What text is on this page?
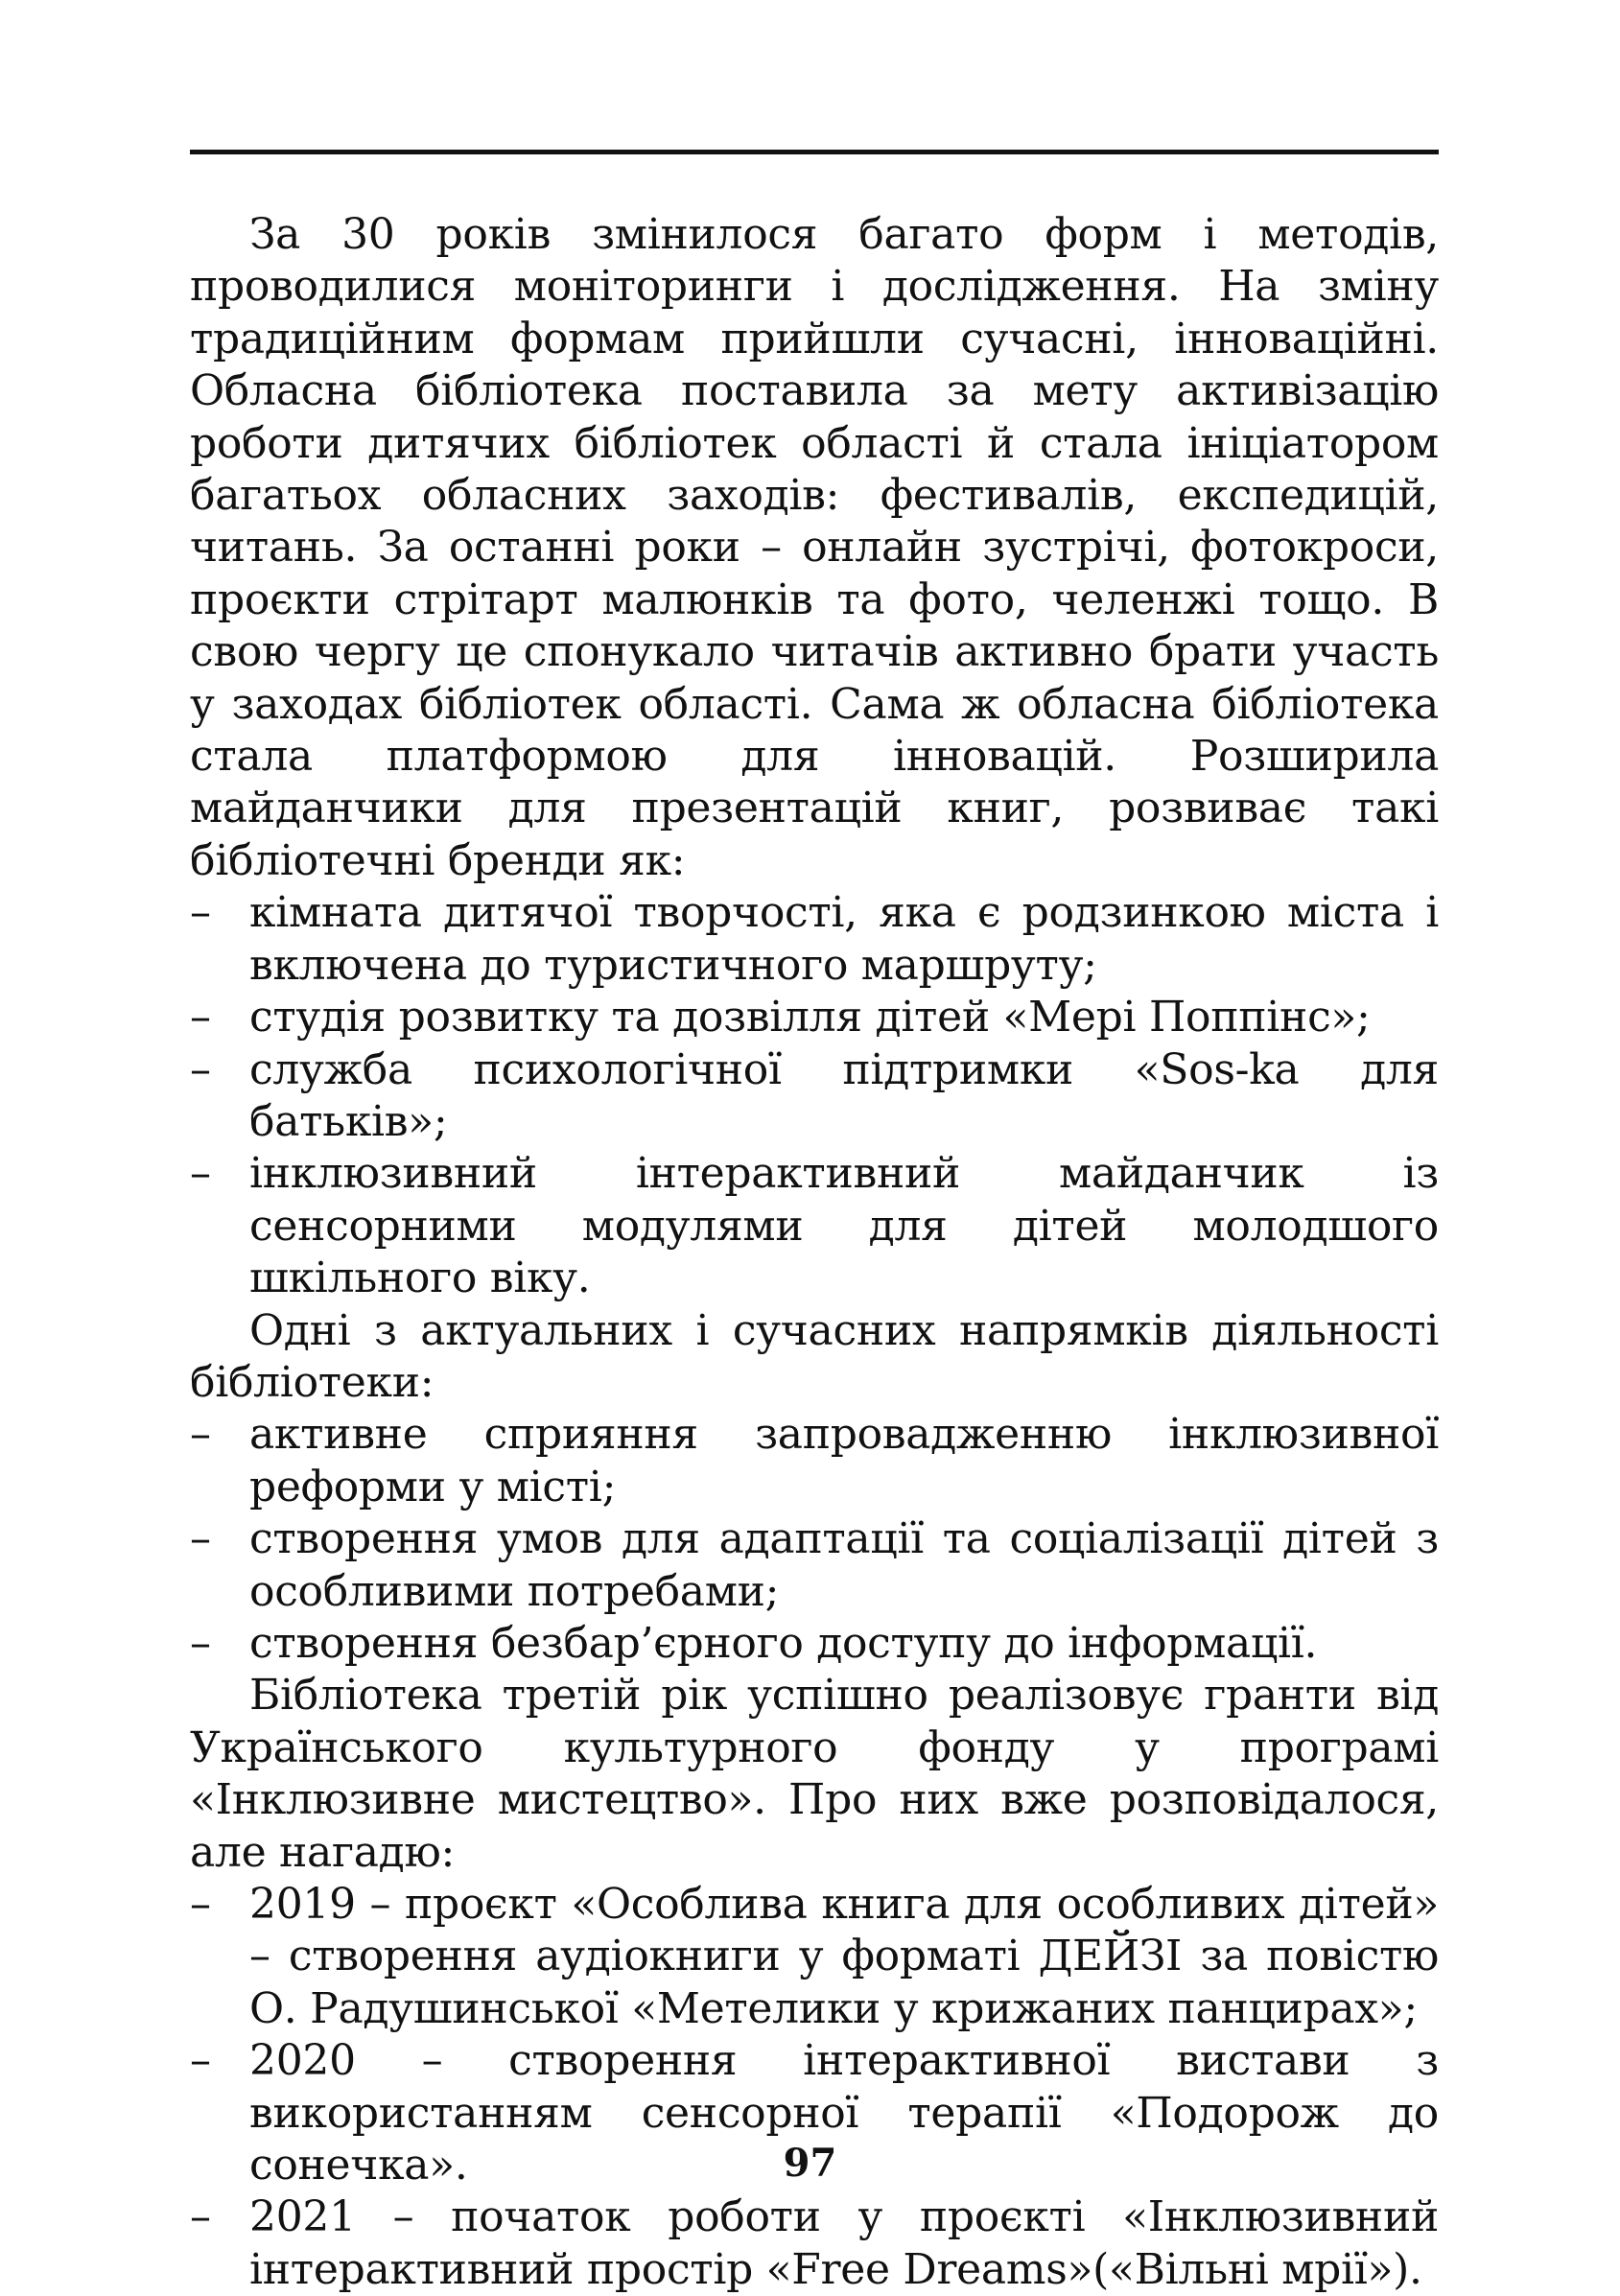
За 30 років змінилося багато форм і методів, проводилися моніторинги і дослідження. На зміну традиційним формам прийшли сучасні, інноваційні. Обласна бібліотека поставила за мету активізацію роботи дитячих бібліотек області й стала ініціатором багатьох обласних заходів: фестивалів, експедицій, читань. За останні роки – онлайн зустрічі, фотокроси, проєкти стрітарт малюнків та фото, челенжі тощо. В свою чергу це спонукало читачів активно брати участь у заходах бібліотек області. Сама ж обласна бібліотека стала платформою для інновацій. Розширила майданчики для презентацій книг, розвиває такі бібліотечні бренди як:

– кімната дитячої творчості, яка є родзинкою міста і включена до туристичного маршруту;
– студія розвитку та дозвілля дітей «Мері Поппінс»;
– служба психологічної підтримки «Sos-ka для батьків»;
– інклюзивний інтерактивний майданчик із сенсорними модулями для дітей молодшого шкільного віку.

Одні з актуальних і сучасних напрямків діяльності бібліотеки:

– активне сприяння запровадженню інклюзивної реформи у місті;
– створення умов для адаптації та соціалізації дітей з особливими потребами;
– створення безбар’єрного доступу до інформації.

Бібліотека третій рік успішно реалізовує гранти від Українського культурного фонду у програмі «Інклюзивне мистецтво». Про них вже розповідалося, але нагадю:

– 2019 – проєкт «Особлива книга для особливих дітей» – створення аудіокниги у форматі ДЕЙЗІ за повістю О. Радушинської «Метелики у крижаних панцирах»;
– 2020 – створення інтерактивної вистави з використанням сенсорної терапії «Подорож до сонечка».
– 2021 – початок роботи у проєкті «Інклюзивний інтерактивний простір «Free Dreams»(«Вільні мрії»).
97
